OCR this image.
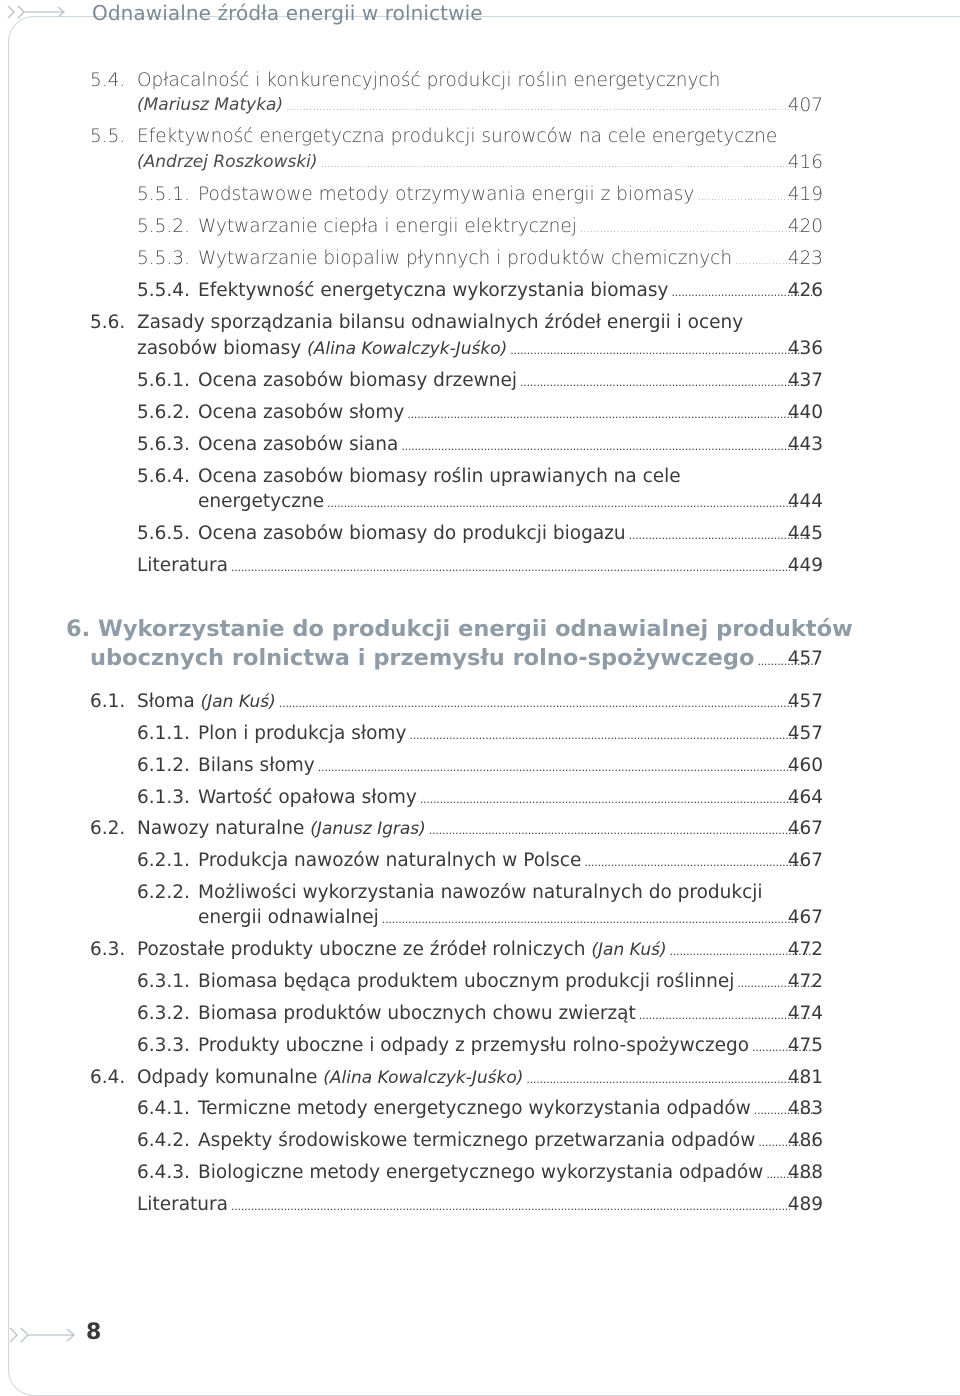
Odnawialne źródła energii w rolnictwie
5.4. Opłacalność i konkurencyjność produkcji roślin energetycznych
(Mariusz Matyka) .....	407
5.5. Efektywność energetyczna produkcji surowców na cele energetyczne
(Andrzej Roszkowski) .....	416
5.5.1. Podstawowe metody otrzymywania energii z biomasy .....	419
5.5.2. Wytwarzanie ciepła i energii elektrycznej .....	420
5.5.3. Wytwarzanie biopaliw płynnych i produktów chemicznych .....	423
5.5.4. Efektywność energetyczna wykorzystania biomasy .....	426
5.6. Zasady sporządzania bilansu odnawialnych źródeł energii i oceny
zasobów biomasy
(Alina Kowalczyk-Juśko) .....	436
5.6.1. Ocena zasobów biomasy drzewnej .....	437
5.6.2. Ocena zasobów słomy .....	440
5.6.3. Ocena zasobów siana .....	443
5.6.4. Ocena zasobów biomasy roślin uprawianych na cele
energetyczne .....	444
5.6.5. Ocena zasobów biomasy do produkcji biogazu .....	445
Literatura .....	449
6. Wykorzystanie do produkcji energii odnawialnej produktów
ubocznych rolnictwa i przemysłu rolno-spożywczego ..... 457
6.1. Słoma
(Jan Kuś) .....	457
6.1.1. Plon i produkcja słomy .....	457
6.1.2. Bilans słomy .....	460
6.1.3. Wartość opałowa słomy .....	464
6.2. Nawozy naturalne
(Janusz Igras) .....	467
6.2.1. Produkcja nawozów naturalnych w Polsce .....	467
6.2.2. Możliwości wykorzystania nawozów naturalnych do produkcji
energii odnawialnej .....	467
6.3. Pozostałe produkty uboczne ze źródeł rolniczych
(Jan Kuś) .....	472
6.3.1. Biomasa będąca produktem ubocznym produkcji roślinnej .....	472
6.3.2. Biomasa produktów ubocznych chowu zwierząt .....	474
6.3.3. Produkty uboczne i odpady z przemysłu rolno-spożywczego ..... 475
6.4. Odpady komunalne
(Alina Kowalczyk-Juśko) .....	481
6.4.1. Termiczne metody energetycznego wykorzystania odpadów ..... 483
6.4.2. Aspekty środowiskowe termicznego przetwarzania odpadów ..... 486
6.4.3. Biologiczne metody energetycznego wykorzystania odpadów ..... 488
Literatura .....	489
8
